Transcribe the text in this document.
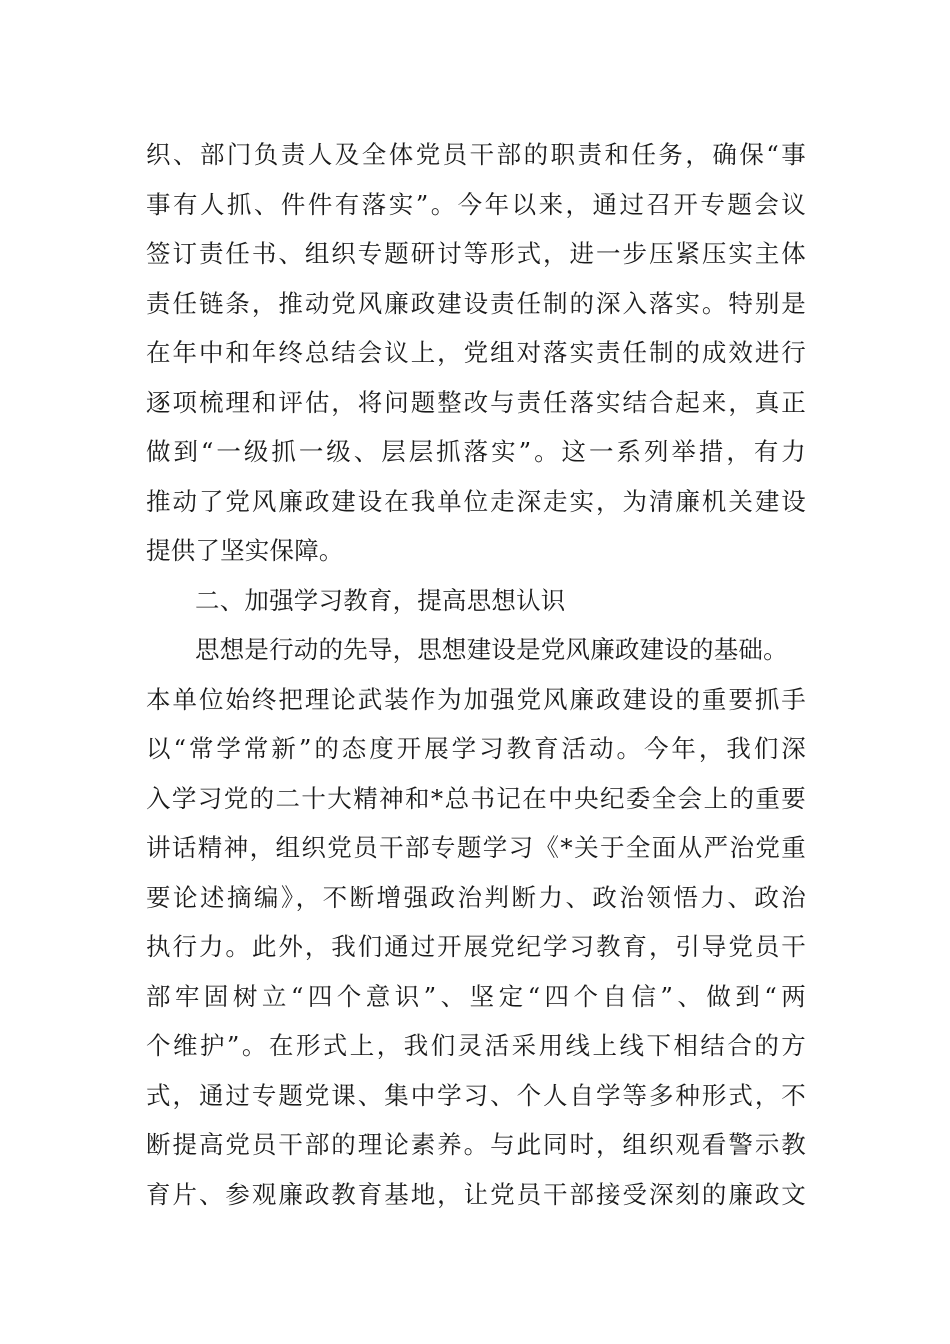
织、部门负责人及全体党员干部的职责和任务，确保“事
事有人抓、件件有落实”。今年以来，通过召开专题会议
签订责任书、组织专题研讨等形式，进一步压紧压实主体
责任链条，推动党风廉政建设责任制的深入落实。特别是
在年中和年终总结会议上，党组对落实责任制的成效进行
逐项梳理和评估，将问题整改与责任落实结合起来，真正
做到“一级抓一级、层层抓落实”。这一系列举措，有力
推动了党风廉政建设在我单位走深走实，为清廉机关建设
提供了坚实保障。
二、加强学习教育，提高思想认识
思想是行动的先导，思想建设是党风廉政建设的基础。
本单位始终把理论武装作为加强党风廉政建设的重要抓手
以“常学常新”的态度开展学习教育活动。今年，我们深
入学习党的二十大精神和*总书记在中央纪委全会上的重要
讲话精神，组织党员干部专题学习《*关于全面从严治党重
要论述摘编》，不断增强政治判断力、政治领悟力、政治
执行力。此外，我们通过开展党纪学习教育，引导党员干
部牢固树立“四个意识”、坚定“四个自信”、做到“两
个维护”。在形式上，我们灵活采用线上线下相结合的方
式，通过专题党课、集中学习、个人自学等多种形式，不
断提高党员干部的理论素养。与此同时，组织观看警示教
育片、参观廉政教育基地，让党员干部接受深刻的廉政文
